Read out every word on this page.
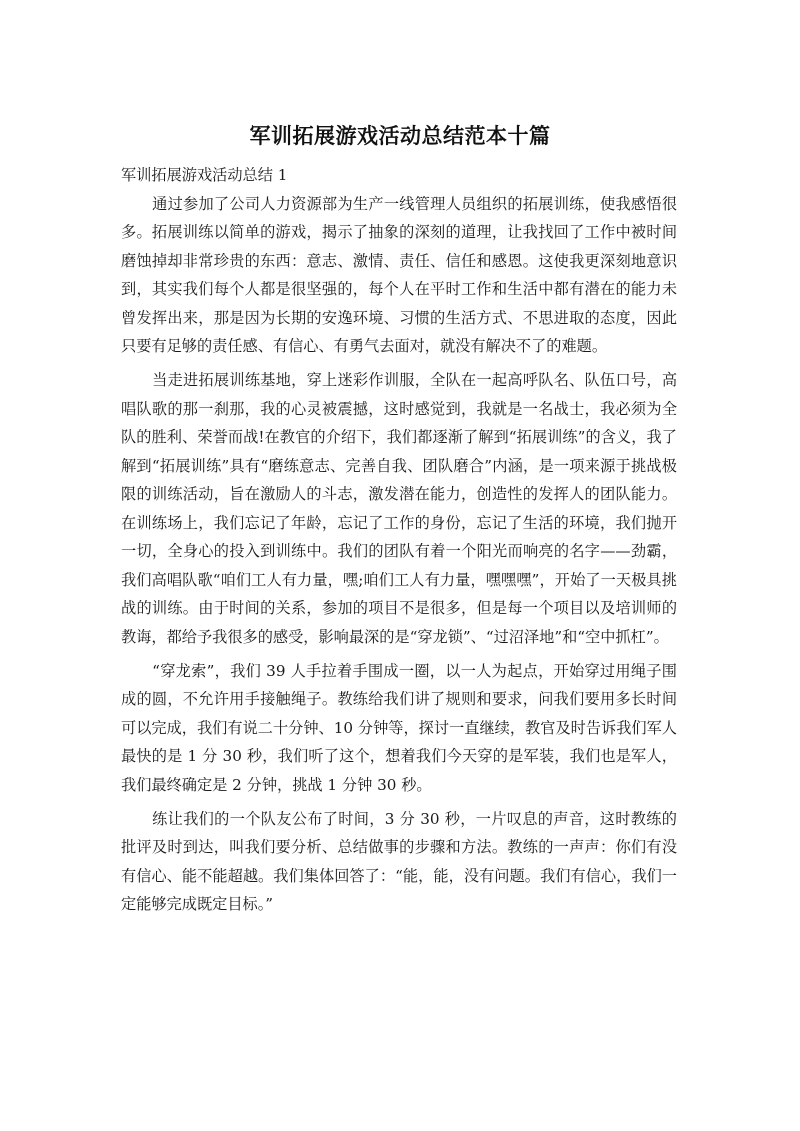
军训拓展游戏活动总结范本十篇

军训拓展游戏活动总结 1

通过参加了公司人力资源部为生产一线管理人员组织的拓展训练，使我感悟很多。拓展训练以简单的游戏，揭示了抽象的深刻的道理，让我找回了工作中被时间磨蚀掉却非常珍贵的东西：意志、激情、责任、信任和感恩。这使我更深刻地意识到，其实我们每个人都是很坚强的，每个人在平时工作和生活中都有潜在的能力未曾发挥出来，那是因为长期的安逸环境、习惯的生活方式、不思进取的态度，因此只要有足够的责任感、有信心、有勇气去面对，就没有解决不了的难题。

当走进拓展训练基地，穿上迷彩作训服，全队在一起高呼队名、队伍口号，高唱队歌的那一刹那，我的心灵被震撼，这时感觉到，我就是一名战士，我必须为全队的胜利、荣誉而战!在教官的介绍下，我们都逐渐了解到“拓展训练”的含义，我了解到“拓展训练”具有“磨练意志、完善自我、团队磨合”内涵，是一项来源于挑战极限的训练活动，旨在激励人的斗志，激发潜在能力，创造性的发挥人的团队能力。在训练场上，我们忘记了年龄，忘记了工作的身份，忘记了生活的环境，我们抛开一切，全身心的投入到训练中。我们的团队有着一个阳光而响亮的名字——劲霸，我们高唱队歌“咱们工人有力量，嘿;咱们工人有力量，嘿嘿嘿”，开始了一天极具挑战的训练。由于时间的关系，参加的项目不是很多，但是每一个项目以及培训师的教诲，都给予我很多的感受，影响最深的是“穿龙锁”、“过沼泽地”和“空中抓杠”。

“穿龙索”，我们 39 人手拉着手围成一圈，以一人为起点，开始穿过用绳子围成的圆，不允许用手接触绳子。教练给我们讲了规则和要求，问我们要用多长时间可以完成，我们有说二十分钟、10 分钟等，探讨一直继续，教官及时告诉我们军人最快的是 1 分 30 秒，我们听了这个，想着我们今天穿的是军装，我们也是军人，我们最终确定是 2 分钟，挑战 1 分钟 30 秒。

练让我们的一个队友公布了时间，3 分 30 秒，一片叹息的声音，这时教练的批评及时到达，叫我们要分析、总结做事的步骤和方法。教练的一声声：你们有没有信心、能不能超越。我们集体回答了：“能，能，没有问题。我们有信心，我们一定能够完成既定目标。”
